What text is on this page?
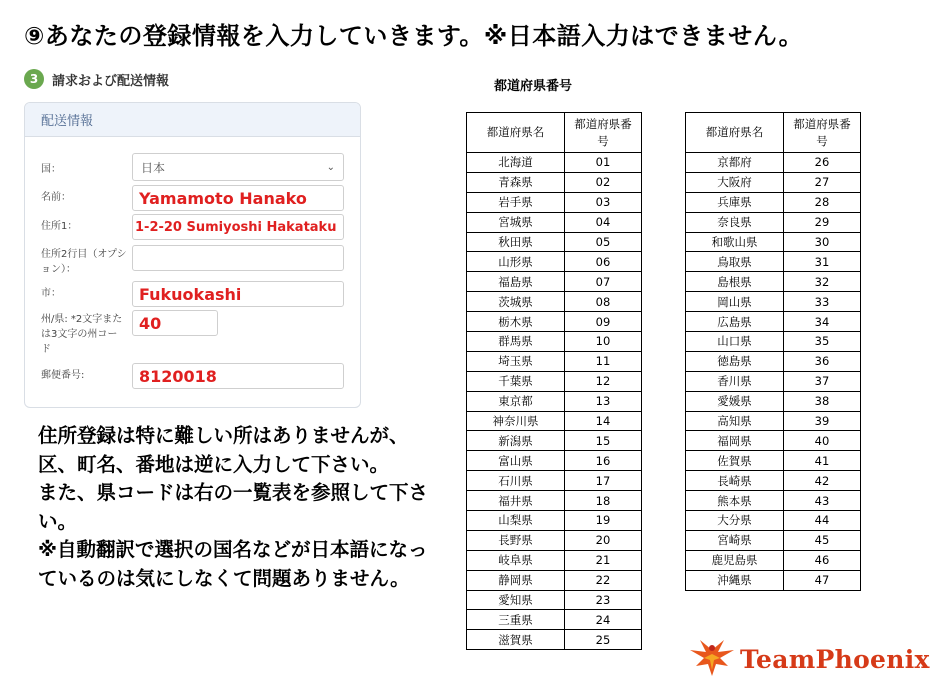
⑨あなたの登録情報を入力していきます。※日本語入力はできません。
3	請求および配送情報
配送情報
国：	日本	⌄
名前：	Yamamoto Hanako
住所1：	1-2-20 Sumiyoshi Hakataku
住所2行目（オプション）：
市：	Fukuokashi
州/県: *2文字または3文字の州コード
40
郵便番号:	8120018

住所登録は特に難しい所はありませんが、区、町名、番地は逆に入力して下さい。

また、県コードは右の一覧表を参照して下さい。

※自動翻訳で選択の国名などが日本語になっているのは気にしなくて問題ありません。

都道府県番号
都道府県名	都道府県番号
北海道	01
青森県	02
岩手県	03
宮城県	04
秋田県	05
山形県	06
福島県	07
茨城県	08
栃木県	09
群馬県	10
埼玉県	11
千葉県	12
東京都	13
神奈川県	14
新潟県	15
富山県	16
石川県	17
福井県	18
山梨県	19
長野県	20
岐阜県	21
静岡県	22
愛知県	23
三重県	24
滋賀県	25
都道府県名	都道府県番号
京都府	26
大阪府	27
兵庫県	28
奈良県	29
和歌山県	30
鳥取県	31
島根県	32
岡山県	33
広島県	34
山口県	35
徳島県	36
香川県	37
愛媛県	38
高知県	39
福岡県	40
佐賀県	41
長崎県	42
熊本県	43
大分県	44
宮崎県	45
鹿児島県	46
沖縄県	47
TeamPhoenix
